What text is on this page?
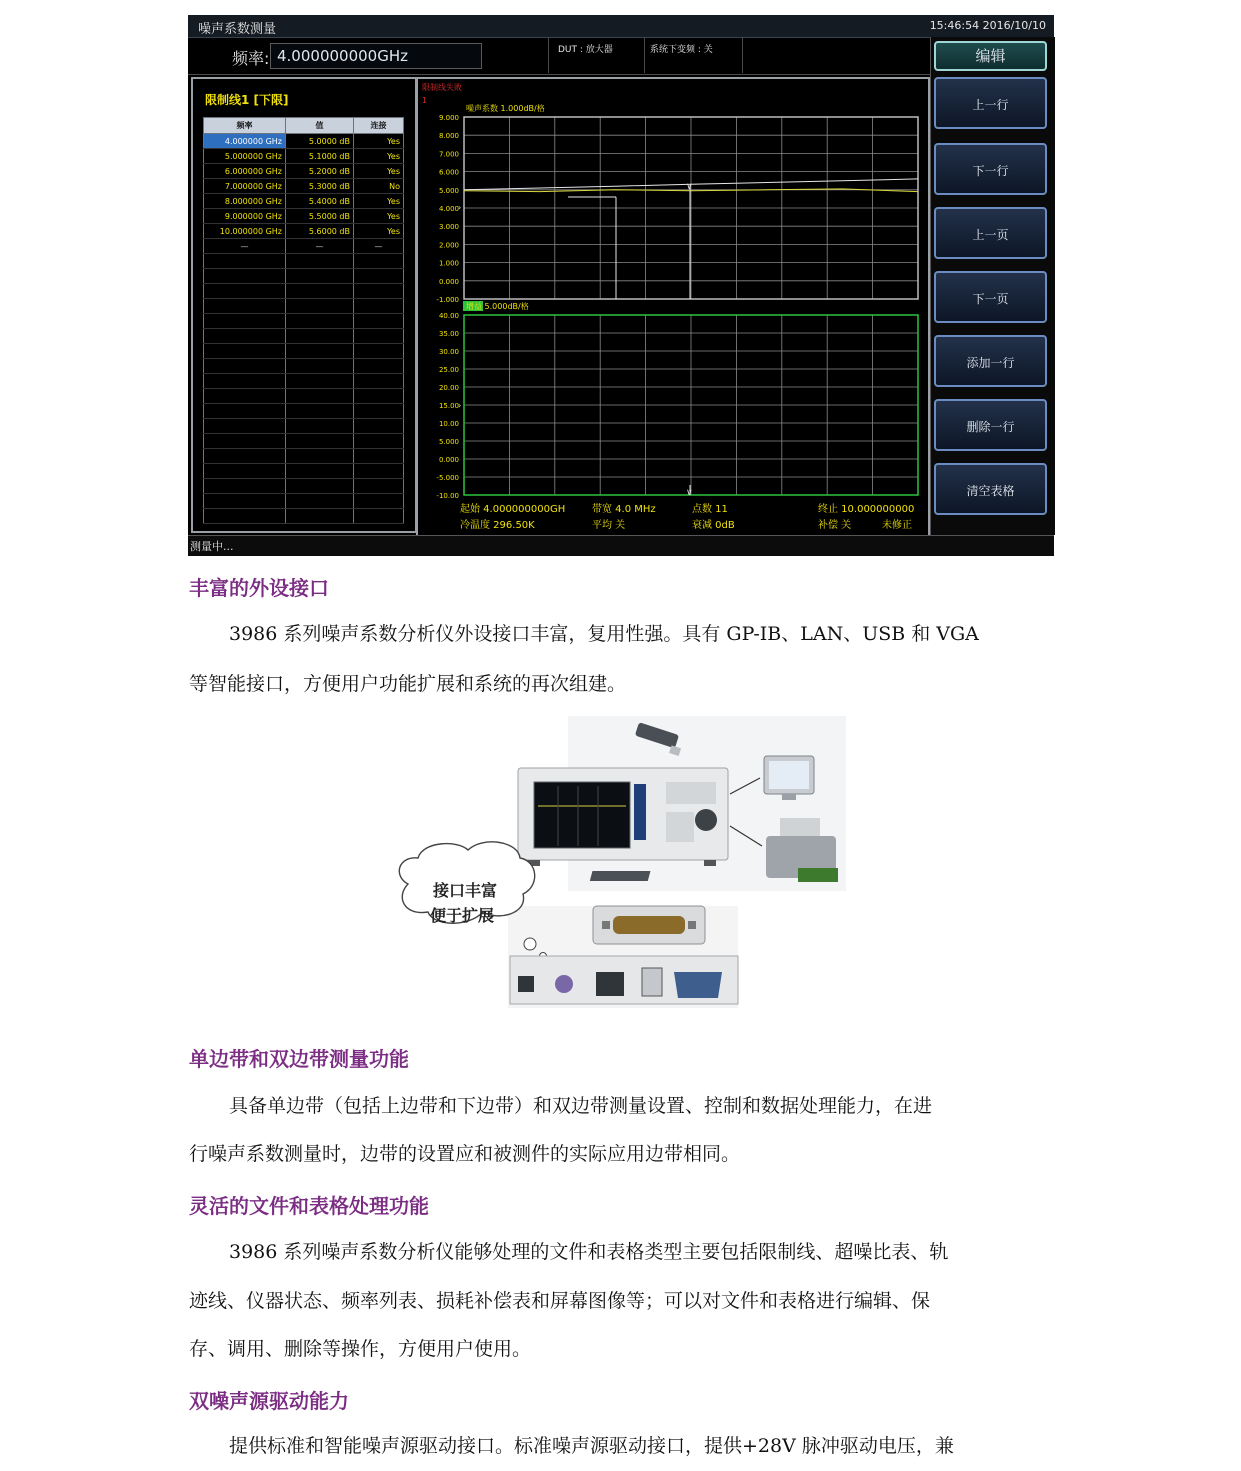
噪声系数测量	15:46:54 2016/10/10
频率: 4.000000000GHz	DUT : 放大器	系统下变频 : 关
限制线1 [下限]
频率	值	连接
4.000000 GHz	5.0000 dB	Yes
5.000000 GHz	5.1000 dB	Yes
6.000000 GHz	5.2000 dB	Yes
7.000000 GHz	5.3000 dB	No
8.000000 GHz	5.4000 dB	Yes
9.000000 GHz	5.5000 dB	Yes
10.000000 GHz	5.6000 dB	Yes
—	—	—

限制线失败
1
9.000
8.000
7.000
6.000
5.000
4.000
3.000
2.000
1.000
0.000
-1.000
噪声系数 1.000dB/格
40.00
35.00
30.00
25.00
20.00
15.00
10.00
5.000
0.000
-5.000
-10.00
增益 5.000dB/格
∨
∨
›
›
起始 4.000000000GH	带宽 4.0 MHz	点数 11	终止 10.000000000
冷温度 296.50K	平均 关	衰减 0dB	补偿 关	未修正
编辑
上一行
下一行
上一页
下一页
添加一行
删除一行
清空表格
测量中...
丰富的外设接口
3986 系列噪声系数分析仪外设接口丰富，复用性强。具有 GP-IB、LAN、USB 和 VGA
等智能接口，方便用户功能扩展和系统的再次组建。
接口丰富
便于扩展
单边带和双边带测量功能
具备单边带（包括上边带和下边带）和双边带测量设置、控制和数据处理能力，在进
行噪声系数测量时，边带的设置应和被测件的实际应用边带相同。
灵活的文件和表格处理功能
3986 系列噪声系数分析仪能够处理的文件和表格类型主要包括限制线、超噪比表、轨
迹线、仪器状态、频率列表、损耗补偿表和屏幕图像等；可以对文件和表格进行编辑、保
存、调用、删除等操作，方便用户使用。
双噪声源驱动能力
提供标准和智能噪声源驱动接口。标准噪声源驱动接口，提供+28V 脉冲驱动电压，兼
